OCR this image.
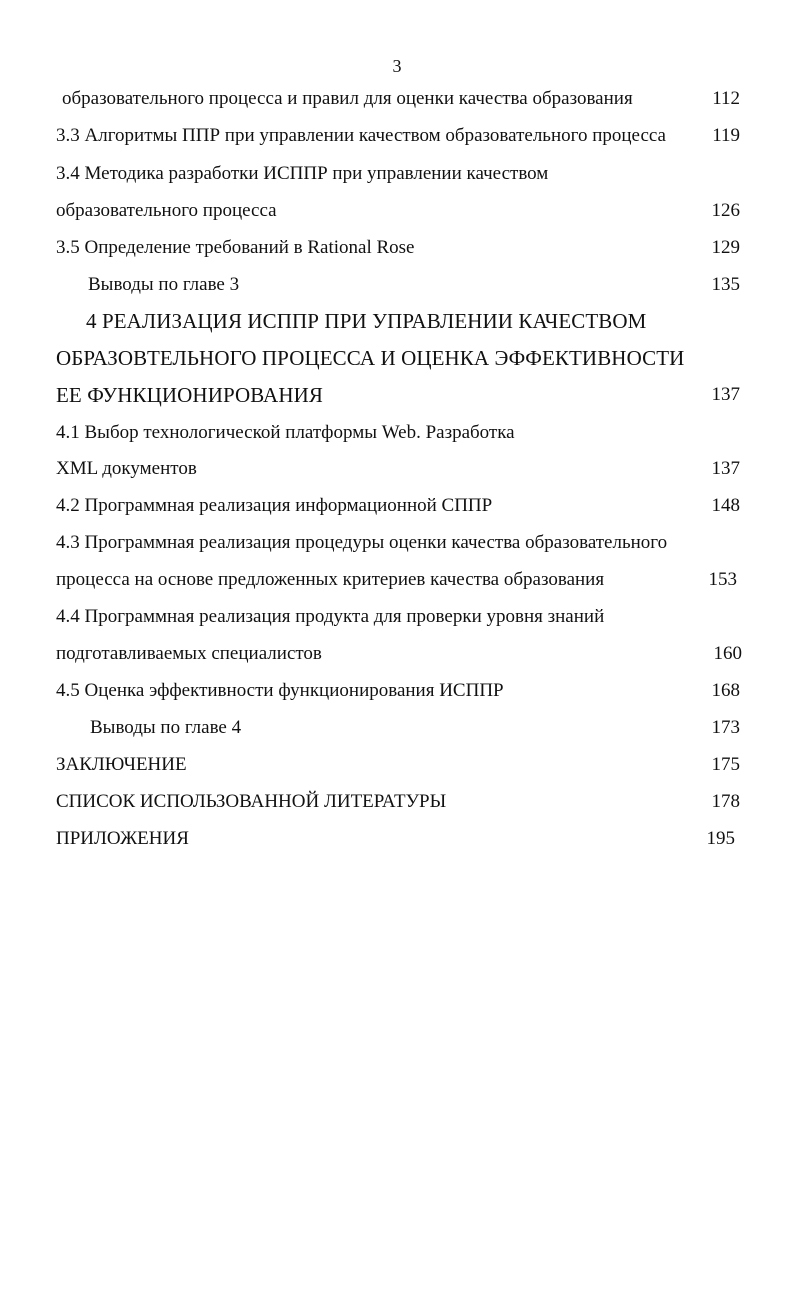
3
образовательного процесса и правил для оценки качества образования	112
3.3 Алгоритмы ППР при управлении качеством образовательного процесса 119
3.4 Методика разработки ИСППР при управлении качеством
образовательного процесса	126
3.5 Определение требований в Rational Rose	129
Выводы по главе 3	135
4 РЕАЛИЗАЦИЯ ИСППР ПРИ УПРАВЛЕНИИ КАЧЕСТВОМ
ОБРАЗОВТЕЛЬНОГО ПРОЦЕССА И ОЦЕНКА ЭФФЕКТИВНОСТИ
ЕЕ ФУНКЦИОНИРОВАНИЯ	137
4.1 Выбор технологической платформы Web. Разработка
XML документов	137
4.2 Программная реализация информационной СППР	148
4.3 Программная реализация процедуры оценки качества образовательного
процесса на основе предложенных критериев качества образования	153
4.4 Программная реализация продукта для проверки уровня знаний
подготавливаемых специалистов	160
4.5 Оценка эффективности функционирования ИСППР	168
Выводы по главе 4	173
ЗАКЛЮЧЕНИЕ	175
СПИСОК ИСПОЛЬЗОВАННОЙ ЛИТЕРАТУРЫ	178
ПРИЛОЖЕНИЯ	195
